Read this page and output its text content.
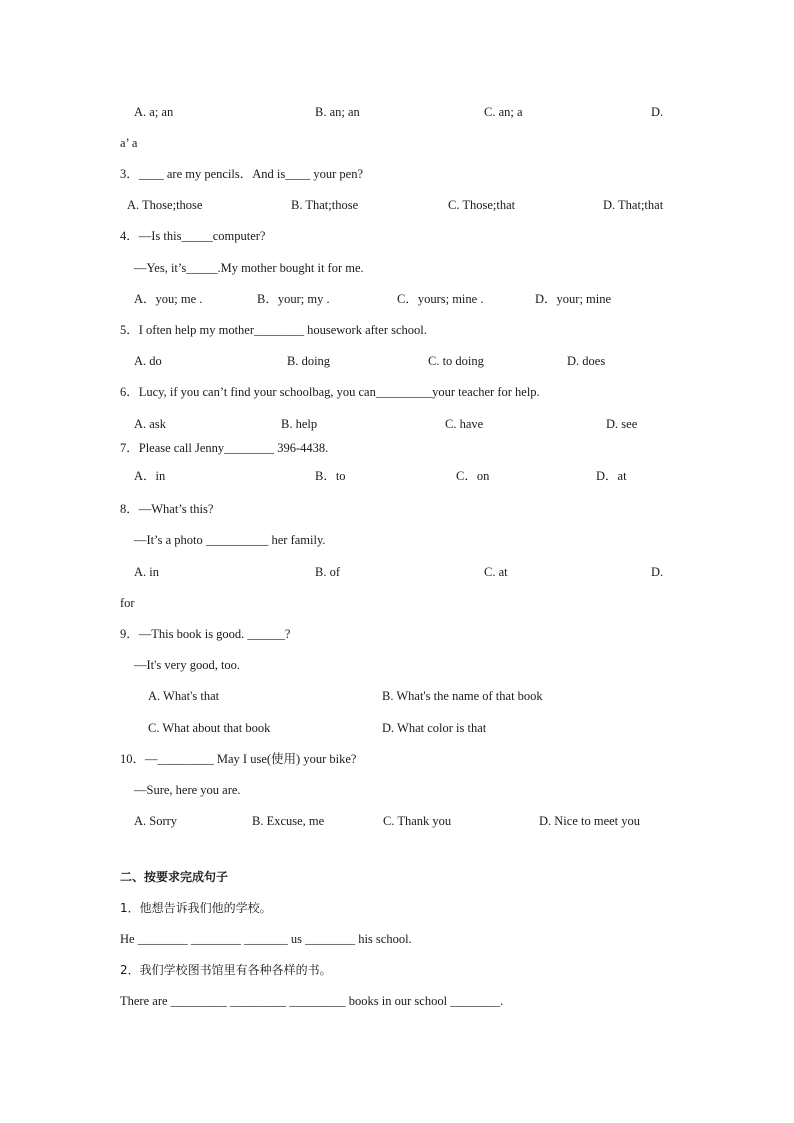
A. a; an	B. an; an	C. an; a	D.
a’ a
3．____ are my pencils．And is____ your pen?
A. Those;those	B. That;those	C. Those;that	D. That;that
4．—Is this_____computer?
—Yes, it’s_____.My mother bought it for me.
A．you; me .	B．your; my .	C．yours; mine .	D．your; mine
5．I often help my mother________ housework after school.
A. do	B. doing	C. to doing	D. does
6．Lucy, if you can’t find your schoolbag, you can_________your teacher for help.
A. ask	B. help	C. have	D. see
7．Please call Jenny________ 396-4438.
A．in	B．to	C．on	D．at
8．—What’s this?
—It’s a photo __________ her family.
A. in	B. of	C. at	D.
for
9．—This book is good. ______?
—It's very good, too.
A. What's that	B. What's the name of that book
C. What about that book	D. What color is that
10．—_________ May I use(使用) your bike?
—Sure, here you are.
A. Sorry	B. Excuse, me	C. Thank you	D. Nice to meet you
二、按要求完成句子
1．他想告诉我们他的学校。
He ________ ________ _______ us ________ his school.
2．我们学校图书馆里有各种各样的书。
There are _________ _________ _________ books in our school ________.
